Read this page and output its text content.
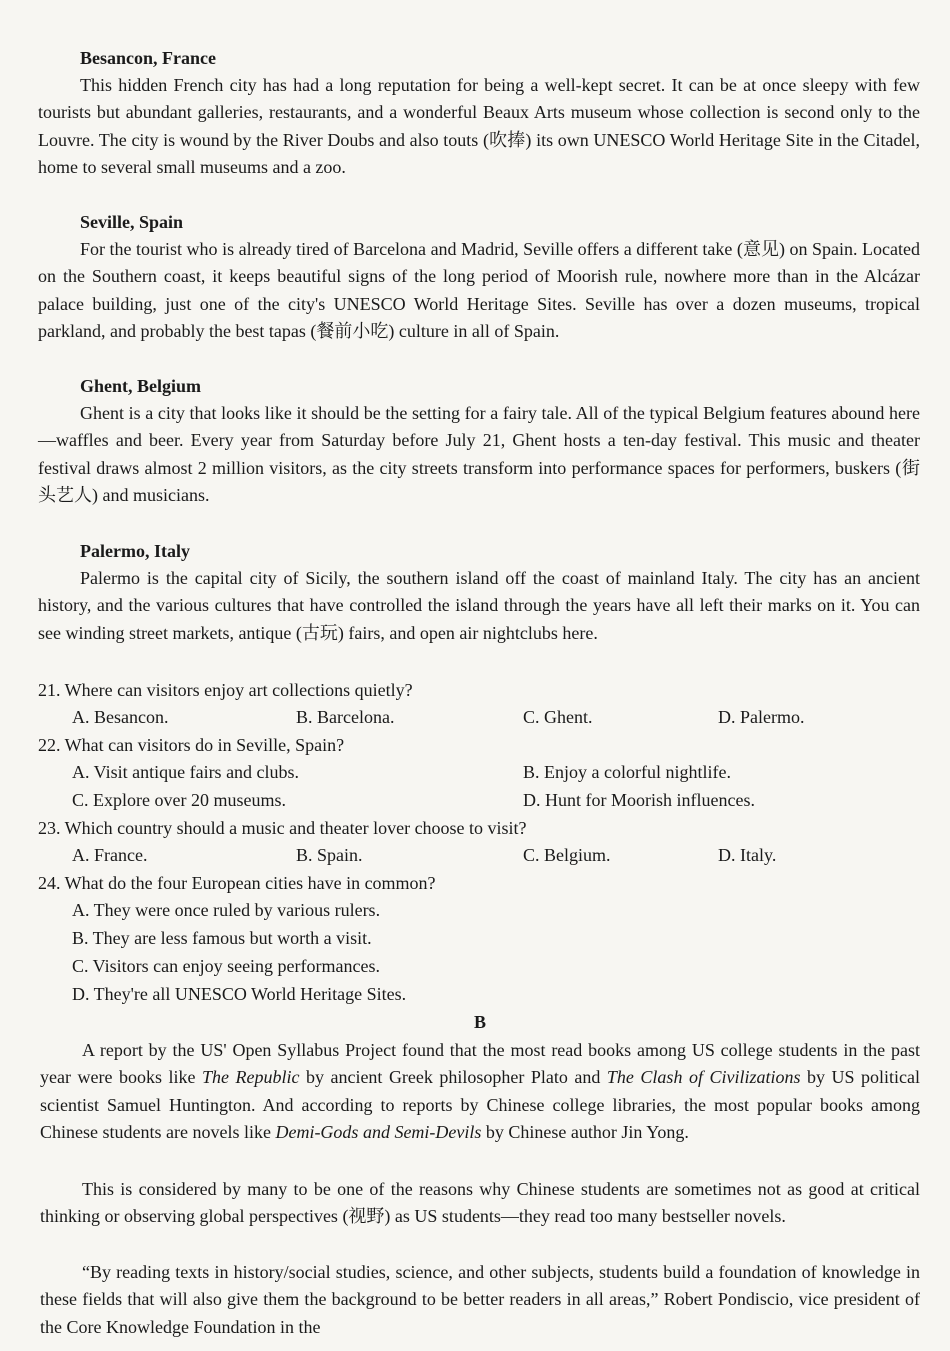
Besancon, France
This hidden French city has had a long reputation for being a well-kept secret. It can be at once sleepy with few tourists but abundant galleries, restaurants, and a wonderful Beaux Arts museum whose collection is second only to the Louvre. The city is wound by the River Doubs and also touts (吹捧) its own UNESCO World Heritage Site in the Citadel, home to several small museums and a zoo.
Seville, Spain
For the tourist who is already tired of Barcelona and Madrid, Seville offers a different take (意见) on Spain. Located on the Southern coast, it keeps beautiful signs of the long period of Moorish rule, nowhere more than in the Alcázar palace building, just one of the city's UNESCO World Heritage Sites. Seville has over a dozen museums, tropical parkland, and probably the best tapas (餐前小吃) culture in all of Spain.
Ghent, Belgium
Ghent is a city that looks like it should be the setting for a fairy tale. All of the typical Belgium features abound here—waffles and beer. Every year from Saturday before July 21, Ghent hosts a ten-day festival. This music and theater festival draws almost 2 million visitors, as the city streets transform into performance spaces for performers, buskers (街头艺人) and musicians.
Palermo, Italy
Palermo is the capital city of Sicily, the southern island off the coast of mainland Italy. The city has an ancient history, and the various cultures that have controlled the island through the years have all left their marks on it. You can see winding street markets, antique (古玩) fairs, and open air nightclubs here.
21. Where can visitors enjoy art collections quietly?
A. Besancon.	B. Barcelona.	C. Ghent.	D. Palermo.
22. What can visitors do in Seville, Spain?
A. Visit antique fairs and clubs.	B. Enjoy a colorful nightlife.
C. Explore over 20 museums.	D. Hunt for Moorish influences.
23. Which country should a music and theater lover choose to visit?
A. France.	B. Spain.	C. Belgium.	D. Italy.
24. What do the four European cities have in common?
A. They were once ruled by various rulers.
B. They are less famous but worth a visit.
C. Visitors can enjoy seeing performances.
D. They're all UNESCO World Heritage Sites.
B
A report by the US' Open Syllabus Project found that the most read books among US college students in the past year were books like The Republic by ancient Greek philosopher Plato and The Clash of Civilizations by US political scientist Samuel Huntington. And according to reports by Chinese college libraries, the most popular books among Chinese students are novels like Demi-Gods and Semi-Devils by Chinese author Jin Yong.
This is considered by many to be one of the reasons why Chinese students are sometimes not as good at critical thinking or observing global perspectives (视野) as US students—they read too many bestseller novels.
“By reading texts in history/social studies, science, and other subjects, students build a foundation of knowledge in these fields that will also give them the background to be better readers in all areas,” Robert Pondiscio, vice president of the Core Knowledge Foundation in the
